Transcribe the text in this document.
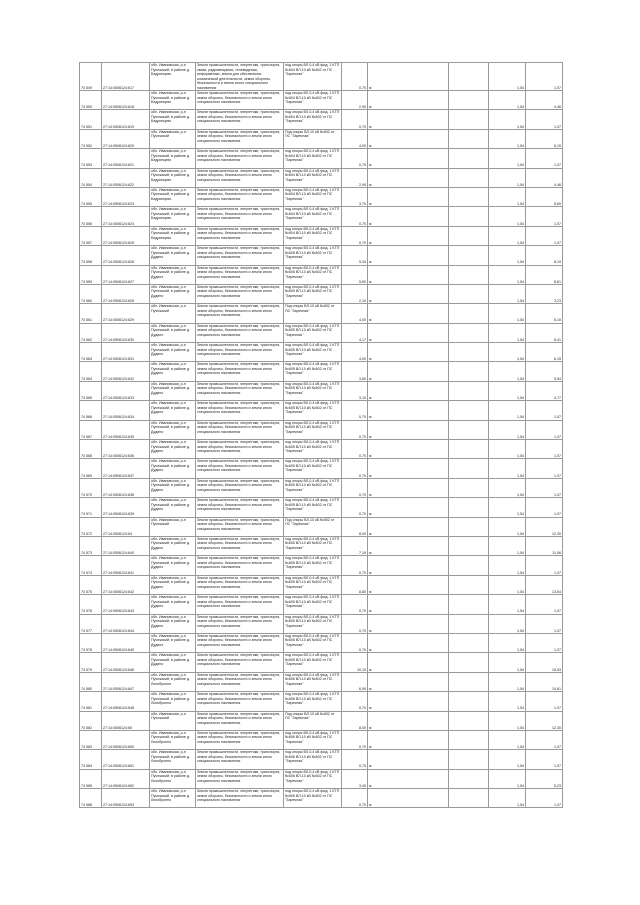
74 549	27:14:0506124:617	обл. Ивановская, р-н Пучежский, в районе д. Бедринцево	Земли промышленности, энергетики, транспорта, связи, радиовещания, телевидения, информатики, земли для обеспечения космической деятельности, земли обороны, безопасности и земли иного специального назначения	под опоры ВЛ-0,4 кВ фид. 1 КТП №604 ВЛ-10 кВ №602 от ПС "Заречная"	0,70	м		1,54	1,07
74 550	27:14:0506124:618	обл. Ивановская, р-н Пучежский, в районе д. Бедринцево	Земли промышленности, энергетики, транспорта, земли обороны, безопасности и земли иного специального назначения	под опоры ВЛ-0,4 кВ фид. 1 КТП №604 ВЛ-10 кВ №602 от ПС "Заречная"	2,90	м		1,54	4,46
74 551	27:14:0506124:619	обл. Ивановская, р-н Пучежский, в районе д. Бедринцево	Земли промышленности, энергетики, транспорта, земли обороны, безопасности и земли иного специального назначения	под опоры ВЛ-0,4 кВ фид. 1 КТП №604 ВЛ-10 кВ №602 от ПС "Заречная"	0,70	м		1,54	1,07
74 552	27:14:0506124:620	обл. Ивановская, р-н Пучежский	Земли промышленности, энергетики, транспорта, земли обороны, безопасности и земли иного специального назначения	Под опоры ВЛ-10 кВ №602 от ПС "Заречная"	4,00	м		1,54	6,15
74 553	27:14:0506124:621	обл. Ивановская, р-н Пучежский, в районе д. Бедринцево	Земли промышленности, энергетики, транспорта, земли обороны, безопасности и земли иного специального назначения	под опоры ВЛ-0,4 кВ фид. 1 КТП №604 ВЛ-10 кВ №602 от ПС "Заречная"	0,70	м		1,54	1,07
74 554	27:14:0506124:622	обл. Ивановская, р-н Пучежский, в районе д. Бедринцево	Земли промышленности, энергетики, транспорта, земли обороны, безопасности и земли иного специального назначения	под опоры ВЛ-0,4 кВ фид. 1 КТП №604 ВЛ-10 кВ №602 от ПС "Заречная"	2,90	м		1,54	4,46
74 555	27:14:0506124:623	обл. Ивановская, р-н Пучежский, в районе д. Бедринцево	Земли промышленности, энергетики, транспорта, земли обороны, безопасности и земли иного специального назначения	под опоры ВЛ-0,4 кВ фид. 1 КТП №604 ВЛ-10 кВ №602 от ПС "Заречная"	3,70	м		1,54	5,69
74 556	27:14:0506124:624	обл. Ивановская, р-н Пучежский, в районе д. Бедринцево	Земли промышленности, энергетики, транспорта, земли обороны, безопасности и земли иного специального назначения	под опоры ВЛ-0,4 кВ фид. 1 КТП №604 ВЛ-10 кВ №602 от ПС "Заречная"	0,70	м		1,54	1,07
74 557	27:14:0506124:625	обл. Ивановская, р-н Пучежский, в районе д. Бедринцево	Земли промышленности, энергетики, транспорта, земли обороны, безопасности и земли иного специального назначения	под опоры ВЛ-0,4 кВ фид. 1 КТП №604 ВЛ-10 кВ №602 от ПС "Заречная"	0,70	м		1,54	1,07
74 558	27:14:0506124:626	обл. Ивановская, р-н Пучежский, в районе д. Дудино	Земли промышленности, энергетики, транспорта, земли обороны, безопасности и земли иного специального назначения	под опоры ВЛ-0,4 кВ фид. 1 КТП №605 ВЛ-10 кВ №602 от ПС "Заречная"	5,34	м		1,54	8,19
74 559	27:14:0506124:627	обл. Ивановская, р-н Пучежский, в районе д. Дудино	Земли промышленности, энергетики, транспорта, земли обороны, безопасности и земли иного специального назначения	под опоры ВЛ-0,4 кВ фид. 1 КТП №605 ВЛ-10 кВ №602 от ПС "Заречная"	5,60	м		1,54	8,61
74 560	27:14:0506124:628	обл. Ивановская, р-н Пучежский, в районе д. Дудино	Земли промышленности, энергетики, транспорта, земли обороны, безопасности и земли иного специального назначения	под опоры ВЛ-0,4 кВ фид. 1 КТП №605 ВЛ-10 кВ №602 от ПС "Заречная"	2,10	м		1,54	3,23
74 561	27:14:0506124:629	обл. Ивановская, р-н Пучежский	Земли промышленности, энергетики, транспорта, земли обороны, безопасности и земли иного специального назначения	Под опоры ВЛ-10 кВ №602 от ПС "Заречная"	4,00	м		1,54	6,15
74 562	27:14:0506124:630	обл. Ивановская, р-н Пучежский, в районе д. Дудино	Земли промышленности, энергетики, транспорта, земли обороны, безопасности и земли иного специального назначения	под опоры ВЛ-0,4 кВ фид. 1 КТП №605 ВЛ-10 кВ №602 от ПС "Заречная"	4,17	м		1,54	6,41
74 563	27:14:0506124:631	обл. Ивановская, р-н Пучежский, в районе д. Дудино	Земли промышленности, энергетики, транспорта, земли обороны, безопасности и земли иного специального назначения	под опоры ВЛ-0,4 кВ фид. 1 КТП №605 ВЛ-10 кВ №602 от ПС "Заречная"	4,00	м		1,54	6,15
74 564	27:14:0506124:632	обл. Ивановская, р-н Пучежский, в районе д. Дудино	Земли промышленности, энергетики, транспорта, земли обороны, безопасности и земли иного специального назначения	под опоры ВЛ-0,4 кВ фид. 1 КТП №605 ВЛ-10 кВ №602 от ПС "Заречная"	3,60	м		1,54	5,54
74 565	27:14:0506124:633	обл. Ивановская, р-н Пучежский, в районе д. Дудино	Земли промышленности, энергетики, транспорта, земли обороны, безопасности и земли иного специального назначения	под опоры ВЛ-0,4 кВ фид. 1 КТП №605 ВЛ-10 кВ №602 от ПС "Заречная"	3,10	м		1,54	4,77
74 566	27:14:0506124:634	обл. Ивановская, р-н Пучежский, в районе д. Дудино	Земли промышленности, энергетики, транспорта, земли обороны, безопасности и земли иного специального назначения	под опоры ВЛ-0,4 кВ фид. 1 КТП №605 ВЛ-10 кВ №602 от ПС "Заречная"	0,70	м		1,54	1,07
74 567	27:14:0506124:635	обл. Ивановская, р-н Пучежский, в районе д. Дудино	Земли промышленности, энергетики, транспорта, земли обороны, безопасности и земли иного специального назначения	под опоры ВЛ-0,4 кВ фид. 1 КТП №605 ВЛ-10 кВ №602 от ПС "Заречная"	0,70	м		1,54	1,07
74 568	27:14:0506124:636	обл. Ивановская, р-н Пучежский, в районе д. Дудино	Земли промышленности, энергетики, транспорта, земли обороны, безопасности и земли иного специального назначения	под опоры ВЛ-0,4 кВ фид. 1 КТП №605 ВЛ-10 кВ №602 от ПС "Заречная"	0,70	м		1,54	1,07
74 569	27:14:0506124:637	обл. Ивановская, р-н Пучежский, в районе д. Дудино	Земли промышленности, энергетики, транспорта, земли обороны, безопасности и земли иного специального назначения	под опоры ВЛ-0,4 кВ фид. 1 КТП №605 ВЛ-10 кВ №602 от ПС "Заречная"	0,70	м		1,54	1,07
74 570	27:14:0506124:638	обл. Ивановская, р-н Пучежский, в районе д. Дудино	Земли промышленности, энергетики, транспорта, земли обороны, безопасности и земли иного специального назначения	под опоры ВЛ-0,4 кВ фид. 1 КТП №605 ВЛ-10 кВ №602 от ПС "Заречная"	0,70	м		1,54	1,07
74 571	27:14:0506124:639	обл. Ивановская, р-н Пучежский, в районе д. Дудино	Земли промышленности, энергетики, транспорта, земли обороны, безопасности и земли иного специального назначения	под опоры ВЛ-0,4 кВ фид. 1 КТП №605 ВЛ-10 кВ №602 от ПС "Заречная"	0,70	м		1,54	1,07
74 572	27:14:0506124:64	обл. Ивановская, р-н Пучежский	Земли промышленности, энергетики, транспорта, земли обороны, безопасности и земли иного специального назначения	Под опоры ВЛ-10 кВ №602 от ПС "Заречная"	8,00	м		1,54	12,30
74 573	27:14:0506124:640	обл. Ивановская, р-н Пучежский, в районе д. Дудино	Земли промышленности, энергетики, транспорта, земли обороны, безопасности и земли иного специального назначения	под опоры ВЛ-0,4 кВ фид. 1 КТП №605 ВЛ-10 кВ №602 от ПС "Заречная"	7,19	м		1,54	11,06
74 574	27:14:0506124:641	обл. Ивановская, р-н Пучежский, в районе д. Дудино	Земли промышленности, энергетики, транспорта, земли обороны, безопасности и земли иного специального назначения	под опоры ВЛ-0,4 кВ фид. 1 КТП №605 ВЛ-10 кВ №602 от ПС "Заречная"	0,70	м		1,54	1,07
74 575	27:14:0506124:642	обл. Ивановская, р-н Пучежский, в районе д. Дудино	Земли промышленности, энергетики, транспорта, земли обороны, безопасности и земли иного специального назначения	под опоры ВЛ-0,4 кВ фид. 1 КТП №605 ВЛ-10 кВ №602 от ПС "Заречная"	8,80	м		1,54	13,54
74 576	27:14:0506124:643	обл. Ивановская, р-н Пучежский, в районе д. Дудино	Земли промышленности, энергетики, транспорта, земли обороны, безопасности и земли иного специального назначения	под опоры ВЛ-0,4 кВ фид. 1 КТП №605 ВЛ-10 кВ №602 от ПС "Заречная"	0,70	м		1,54	1,07
74 577	27:14:0506124:644	обл. Ивановская, р-н Пучежский, в районе д. Дудино	Земли промышленности, энергетики, транспорта, земли обороны, безопасности и земли иного специального назначения	под опоры ВЛ-0,4 кВ фид. 1 КТП №605 ВЛ-10 кВ №602 от ПС "Заречная"	0,70	м		1,54	1,07
74 578	27:14:0506124:645	обл. Ивановская, р-н Пучежский, в районе д. Дудино	Земли промышленности, энергетики, транспорта, земли обороны, безопасности и земли иного специального назначения	под опоры ВЛ-0,4 кВ фид. 1 КТП №605 ВЛ-10 кВ №602 от ПС "Заречная"	0,70	м		1,54	1,07
74 579	27:14:0506124:646	обл. Ивановская, р-н Пучежский, в районе д. Дудино	Земли промышленности, энергетики, транспорта, земли обороны, безопасности и земли иного специального назначения	под опоры ВЛ-0,4 кВ фид. 1 КТП №605 ВЛ-10 кВ №602 от ПС "Заречная"	10,10	м		1,54	15,53
74 580	27:14:0506124:647	обл. Ивановская, р-н Пучежский, в районе д. Лихобронно	Земли промышленности, энергетики, транспорта, земли обороны, безопасности и земли иного специального назначения	под опоры ВЛ-0,4 кВ фид. 1 КТП №606 ВЛ-10 кВ №602 от ПС "Заречная"	6,90	м		1,54	10,61
74 581	27:14:0506124:648	обл. Ивановская, р-н Пучежский, в районе д. Лихобронно	Земли промышленности, энергетики, транспорта, земли обороны, безопасности и земли иного специального назначения	под опоры ВЛ-0,4 кВ фид. 1 КТП №606 ВЛ-10 кВ №602 от ПС "Заречная"	0,70	м		1,54	1,07
74 582	27:14:0506124:65	обл. Ивановская, р-н Пучежский	Земли промышленности, энергетики, транспорта, земли обороны, безопасности и земли иного специального назначения	Под опоры ВЛ-10 кВ №602 от ПС "Заречная"	8,00	м		1,54	12,30
74 583	27:14:0506124:650	обл. Ивановская, р-н Пучежский, в районе д. Лихобронно	Земли промышленности, энергетики, транспорта, земли обороны, безопасности и земли иного специального назначения	под опоры ВЛ-0,4 кВ фид. 1 КТП №606 ВЛ-10 кВ №602 от ПС "Заречная"	0,70	м		1,54	1,07
74 584	27:14:0506124:651	обл. Ивановская, р-н Пучежский, в районе д. Лихобронно	Земли промышленности, энергетики, транспорта, земли обороны, безопасности и земли иного специального назначения	под опоры ВЛ-0,4 кВ фид. 1 КТП №606 ВЛ-10 кВ №602 от ПС "Заречная"	0,70	м		1,54	1,07
74 585	27:14:0506124:652	обл. Ивановская, р-н Пучежский, в районе д. Лихобронно	Земли промышленности, энергетики, транспорта, земли обороны, безопасности и земли иного специального назначения	под опоры ВЛ-0,4 кВ фид. 1 КТП №606 ВЛ-10 кВ №602 от ПС "Заречная"	3,40	м		1,54	5,23
74 586	27:14:0506124:653	обл. Ивановская, р-н Пучежский, в районе д. Лихобронно	Земли промышленности, энергетики, транспорта, земли обороны, безопасности и земли иного специального назначения	под опоры ВЛ-0,4 кВ фид. 1 КТП №606 ВЛ-10 кВ №602 от ПС "Заречная"	0,70	м		1,54	1,07
